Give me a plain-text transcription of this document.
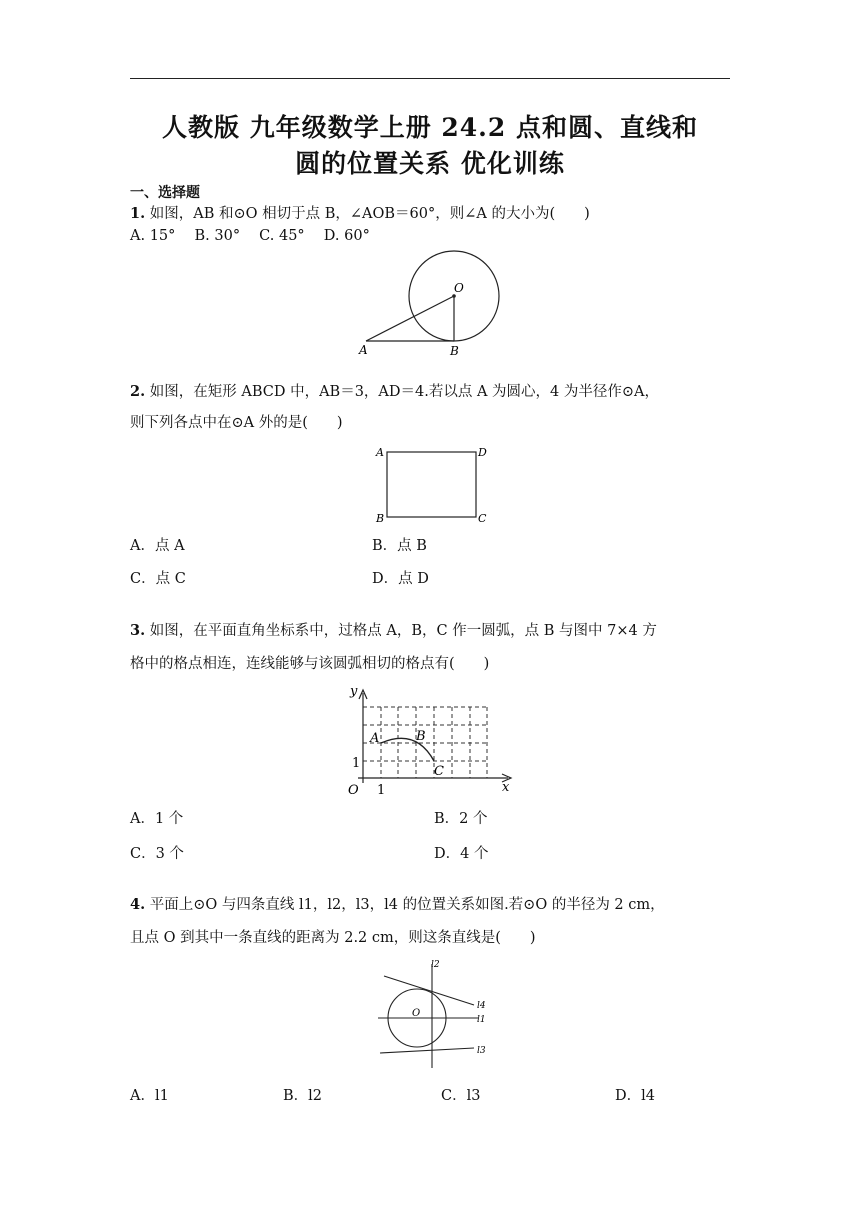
人教版 九年级数学上册 24.2 点和圆、直线和
圆的位置关系 优化训练
一、选择题
1. 如图，AB 和⊙O 相切于点 B，∠AOB＝60°，则∠A 的大小为(　　)
A. 15°　 B. 30°　 C. 45°　 D. 60°
O
A	B
2. 如图，在矩形 ABCD 中，AB＝3，AD＝4.若以点 A 为圆心，4 为半径作⊙A，
则下列各点中在⊙A 外的是(　　)
A	D
B	C
A．点 A	B．点 B
C．点 C	D．点 D
3. 如图，在平面直角坐标系中，过格点 A，B，C 作一圆弧，点 B 与图中 7×4 方
格中的格点相连，连线能够与该圆弧相切的格点有(　　)
y
x
O 1
1
A	B
C
A．1 个	B．2 个
C．3 个	D．4 个
4. 平面上⊙O 与四条直线 l1，l2，l3，l4 的位置关系如图.若⊙O 的半径为 2 cm，
且点 O 到其中一条直线的距离为 2.2 cm，则这条直线是(　　)
O
l2
l4
l1
l3
A．l1	B．l2	C．l3	D．l4
